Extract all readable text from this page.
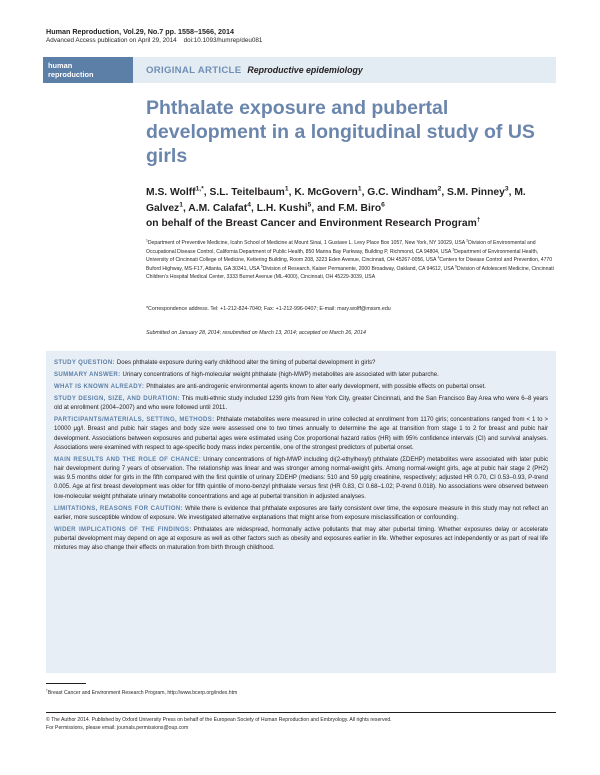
Human Reproduction, Vol.29, No.7 pp. 1558–1566, 2014
Advanced Access publication on April 29, 2014    doi:10.1093/humrep/deu081
human
reproduction	ORIGINAL ARTICLE Reproductive epidemiology
Phthalate exposure and pubertal development in a longitudinal study of US girls
M.S. Wolff$^{1,*}$, S.L. Teitelbaum$^1$, K. McGovern$^1$, G.C. Windham$^2$, S.M. Pinney$^3$, M. Galvez$^1$, A.M. Calafat$^4$, L.H. Kushi$^5$, and F.M. Biro$^6$
on behalf of the Breast Cancer and Environment Research Program†
$^1$Department of Preventive Medicine, Icahn School of Medicine at Mount Sinai, 1 Gustave L. Levy Place Box 1057, New York, NY 10029, USA $^2$Division of Environmental and Occupational Disease Control, California Department of Public Health, 850 Marina Bay Parkway, Building P, Richmond, CA 94804, USA $^3$Department of Environmental Health, University of Cincinnati College of Medicine, Kettering Building, Room 208, 3223 Eden Avenue, Cincinnati, OH 45267-0056, USA $^4$Centers for Disease Control and Prevention, 4770 Buford Highway, MS-F17, Atlanta, GA 30341, USA $^5$Division of Research, Kaiser Permanente, 2000 Broadway, Oakland, CA 94612, USA $^6$Division of Adolescent Medicine, Cincinnati Children's Hospital Medical Center, 3333 Burnet Avenue (ML-4000), Cincinnati, OH 45229-3039, USA
*Correspondence address. Tel: +1-212-824-7040; Fax: +1-212-996-0407; E-mail: mary.wolff@mssm.edu
Submitted on January 28, 2014; resubmitted on March 13, 2014; accepted on March 26, 2014
STUDY QUESTION: Does phthalate exposure during early childhood alter the timing of pubertal development in girls?
SUMMARY ANSWER: Urinary concentrations of high-molecular weight phthalate (high-MWP) metabolites are associated with later pubarche.
WHAT IS KNOWN ALREADY: Phthalates are anti-androgenic environmental agents known to alter early development, with possible effects on pubertal onset.
STUDY DESIGN, SIZE, AND DURATION: This multi-ethnic study included 1239 girls from New York City, greater Cincinnati, and the San Francisco Bay Area who were 6–8 years old at enrollment (2004–2007) and who were followed until 2011.
PARTICIPANTS/MATERIALS, SETTING, METHODS: Phthalate metabolites were measured in urine collected at enrollment from 1170 girls; concentrations ranged from < 1 to > 10000 μg/l. Breast and pubic hair stages and body size were assessed one to two times annually to determine the age at transition from stage 1 to 2 for breast and pubic hair development. Associations between exposures and pubertal ages were estimated using Cox proportional hazard ratios (HR) with 95% confidence intervals (CI) and survival analyses. Associations were examined with respect to age-specific body mass index percentile, one of the strongest predictors of pubertal onset.
MAIN RESULTS AND THE ROLE OF CHANCE: Urinary concentrations of high-MWP including di(2-ethylhexyl) phthalate (ΣDEHP) metabolites were associated with later pubic hair development during 7 years of observation. The relationship was linear and was stronger among normal-weight girls. Among normal-weight girls, age at pubic hair stage 2 (PH2) was 9.5 months older for girls in the fifth compared with the first quintile of urinary ΣDEHP (medians: 510 and 59 μg/g creatinine, respectively; adjusted HR 0.70, CI 0.53–0.93, P-trend 0.005. Age at first breast development was older for fifth quintile of mono-benzyl phthalate versus first (HR 0.83, CI 0.68–1.02; P-trend 0.018). No associations were observed between low-molecular weight phthalate urinary metabolite concentrations and age at pubertal transition in adjusted analyses.
LIMITATIONS, REASONS FOR CAUTION: While there is evidence that phthalate exposures are fairly consistent over time, the exposure measure in this study may not reflect an earlier, more susceptible window of exposure. We investigated alternative explanations that might arise from exposure misclassification or confounding.
WIDER IMPLICATIONS OF THE FINDINGS: Phthalates are widespread, hormonally active pollutants that may alter pubertal timing. Whether exposures delay or accelerate pubertal development may depend on age at exposure as well as other factors such as obesity and exposures earlier in life. Whether exposures act independently or as part of real life mixtures may also change their effects on maturation from birth through childhood.
†Breast Cancer and Environment Research Program, http://www.bcerp.org/index.htm
© The Author 2014. Published by Oxford University Press on behalf of the European Society of Human Reproduction and Embryology. All rights reserved.
For Permissions, please email: journals.permissions@oup.com
